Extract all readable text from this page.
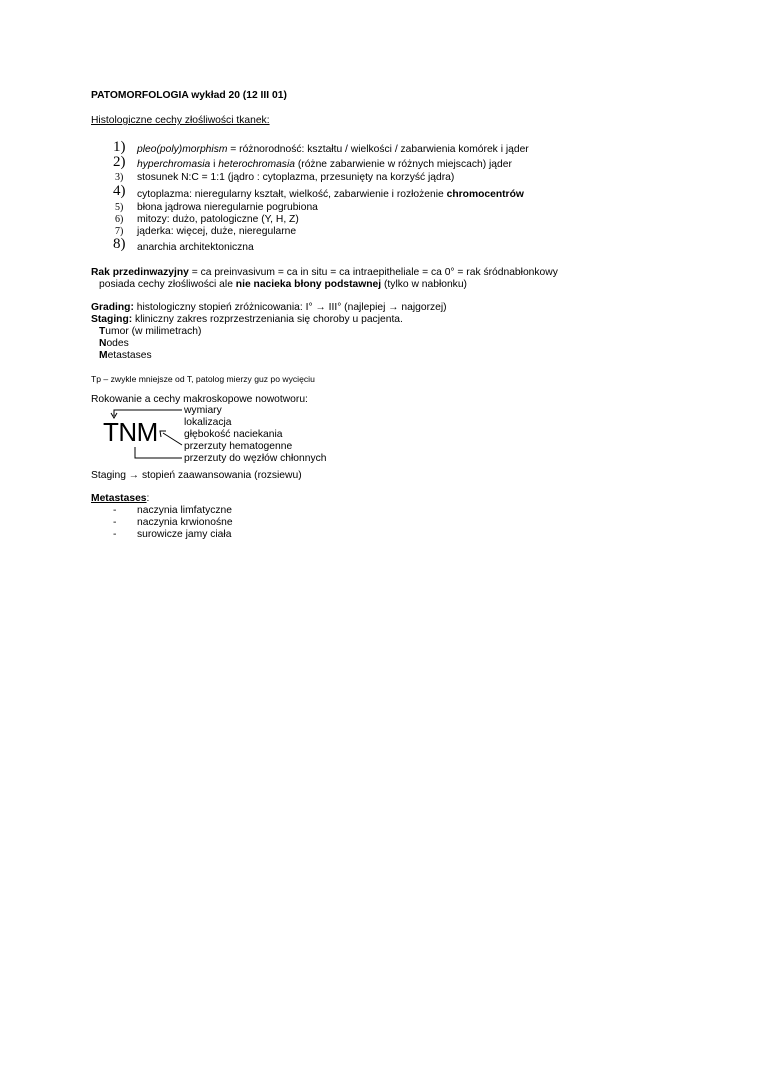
PATOMORFOLOGIA wykład 20 (12 III 01)
Histologiczne cechy złośliwości tkanek:
1) pleo(poly)morphism = różnorodność: kształtu / wielkości / zabarwienia komórek i jąder
2) hyperchromasia i heterochromasia (różne zabarwienie w różnych miejscach) jąder
3) stosunek N:C = 1:1 (jądro : cytoplazma, przesunięty na korzyść jądra)
4) cytoplazma: nieregularny kształt, wielkość, zabarwienie i rozłożenie chromocentrów
5) błona jądrowa nieregularnie pogrubiona
6) mitozy: dużo, patologiczne (Y, H, Z)
7) jąderka: więcej, duże, nieregularne
8) anarchia architektoniczna
Rak przedinwazyjny = ca preinvasivum = ca in situ = ca intraepitheliale = ca 0° = rak śródnabłonkowy
posiada cechy złośliwości ale nie nacieka błony podstawnej (tylko w nabłonku)
Grading: histologiczny stopień zróżnicowania: I° → III° (najlepiej → najgorzej)
Staging: kliniczny zakres rozprzestrzeniania się choroby u pacjenta.
Tumor (w milimetrach)
Nodes
Metastases
Tp – zwykle mniejsze od T, patolog mierzy guz po wycięciu
Rokowanie a cechy makroskopowe nowotworu:
TNM
wymiary
lokalizacja
głębokość naciekania
przerzuty hematogenne
przerzuty do węzłów chłonnych
Staging → stopień zaawansowania (rozsiewu)
Metastases:
- naczynia limfatyczne
- naczynia krwionośne
- surowicze jamy ciała
